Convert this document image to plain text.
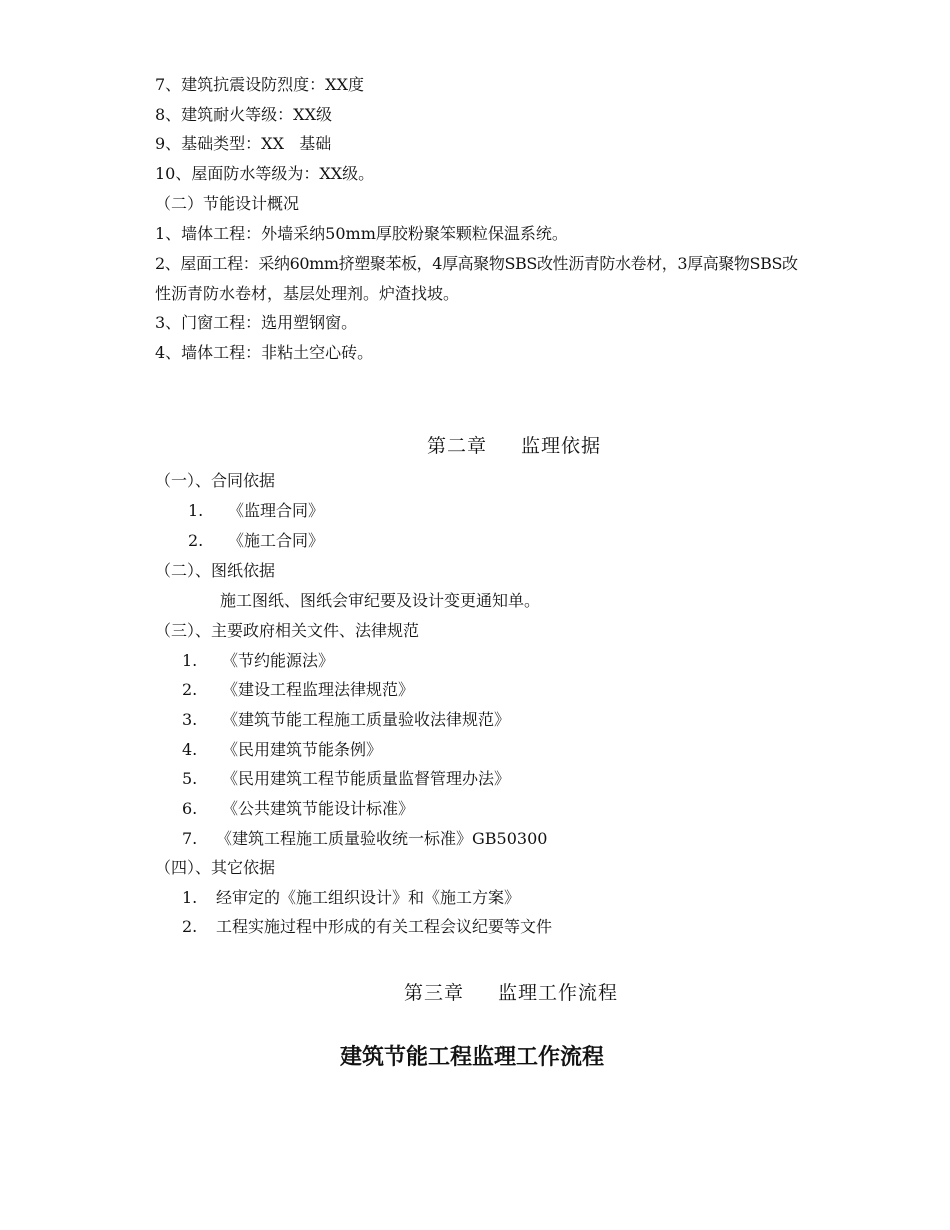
7、建筑抗震设防烈度：XX度
8、建筑耐火等级：XX级
9、基础类型：XX   基础
10、屋面防水等级为：XX级。
（二）节能设计概况
1、墙体工程：外墙采纳50mm厚胶粉聚笨颗粒保温系统。
2、屋面工程：采纳60mm挤塑聚苯板，4厚高聚物SBS改性沥青防水卷材，3厚高聚物SBS改
性沥青防水卷材，基层处理剂。炉渣找坡。
3、门窗工程：选用塑钢窗。
4、墙体工程：非粘土空心砖。
第二章 监理依据
（一）、合同依据
1. 《监理合同》
2. 《施工合同》
（二）、图纸依据
施工图纸、图纸会审纪要及设计变更通知单。
（三）、主要政府相关文件、法律规范
1. 《节约能源法》
2. 《建设工程监理法律规范》
3. 《建筑节能工程施工质量验收法律规范》
4. 《民用建筑节能条例》
5. 《民用建筑工程节能质量监督管理办法》
6. 《公共建筑节能设计标准》
7. 《建筑工程施工质量验收统一标准》GB50300
（四）、其它依据
1. 经审定的《施工组织设计》和《施工方案》
2. 工程实施过程中形成的有关工程会议纪要等文件
第三章 监理工作流程
建筑节能工程监理工作流程
